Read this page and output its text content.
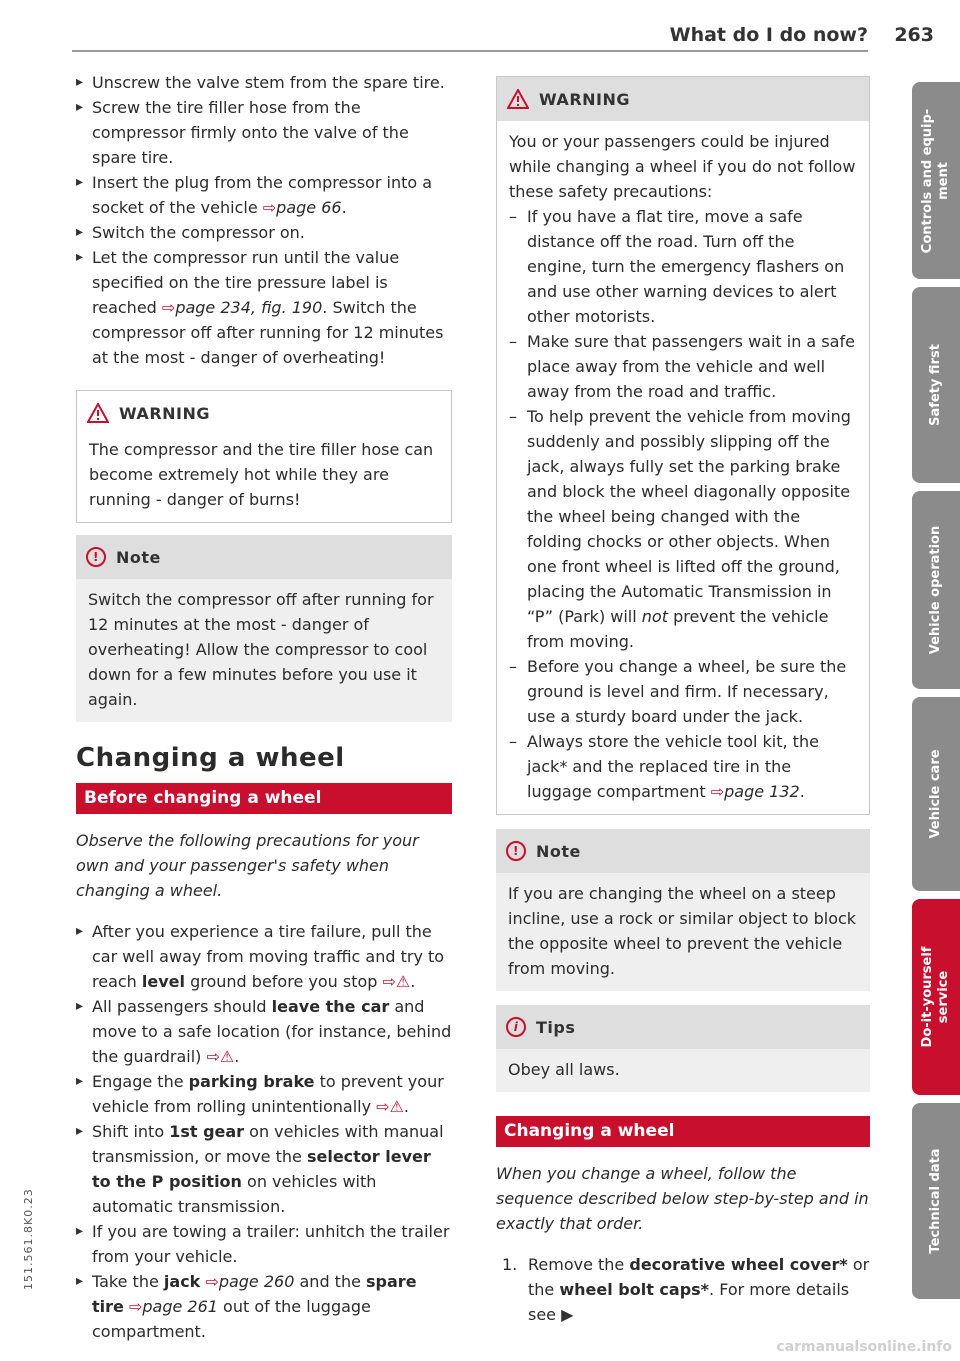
What do I do now? 263
▸ Unscrew the valve stem from the spare tire.
▸ Screw the tire filler hose from the compressor firmly onto the valve of the spare tire.
▸ Insert the plug from the compressor into a socket of the vehicle ⇨page 66.
▸ Switch the compressor on.
▸ Let the compressor run until the value specified on the tire pressure label is reached ⇨page 234, fig. 190. Switch the compressor off after running for 12 minutes at the most - danger of overheating!
WARNING
The compressor and the tire filler hose can become extremely hot while they are running - danger of burns!
!	Note
Switch the compressor off after running for 12 minutes at the most - danger of overheating! Allow the compressor to cool down for a few minutes before you use it again.
Changing a wheel
Before changing a wheel
Observe the following precautions for your own and your passenger's safety when changing a wheel.
▸ After you experience a tire failure, pull the car well away from moving traffic and try to reach level ground before you stop ⇨⚠.
▸ All passengers should leave the car and move to a safe location (for instance, behind the guardrail) ⇨⚠.
▸ Engage the parking brake to prevent your vehicle from rolling unintentionally ⇨⚠.
▸ Shift into 1st gear on vehicles with manual transmission, or move the selector lever to the P position on vehicles with automatic transmission.
▸ If you are towing a trailer: unhitch the trailer from your vehicle.
▸ Take the jack ⇨page 260 and the spare tire ⇨page 261 out of the luggage compartment.
WARNING
You or your passengers could be injured while changing a wheel if you do not follow these safety precautions:
– If you have a flat tire, move a safe distance off the road. Turn off the engine, turn the emergency flashers on and use other warning devices to alert other motorists.
– Make sure that passengers wait in a safe place away from the vehicle and well away from the road and traffic.
– To help prevent the vehicle from moving suddenly and possibly slipping off the jack, always fully set the parking brake and block the wheel diagonally opposite the wheel being changed with the folding chocks or other objects. When one front wheel is lifted off the ground, placing the Automatic Transmission in “P” (Park) will not prevent the vehicle from moving.
– Before you change a wheel, be sure the ground is level and firm. If necessary, use a sturdy board under the jack.
– Always store the vehicle tool kit, the jack* and the replaced tire in the luggage compartment ⇨page 132.
!	Note
If you are changing the wheel on a steep incline, use a rock or similar object to block the opposite wheel to prevent the vehicle from moving.
i	Tips
Obey all laws.
Changing a wheel
When you change a wheel, follow the sequence described below step-by-step and in exactly that order.
1. Remove the decorative wheel cover* or the wheel bolt caps*. For more details see ▶
Controls and equip-
ment
Safety first
Vehicle operation
Vehicle care
Do-it-yourself
service
Technical data
151.561.8K0.23
carmanualsonline.info
